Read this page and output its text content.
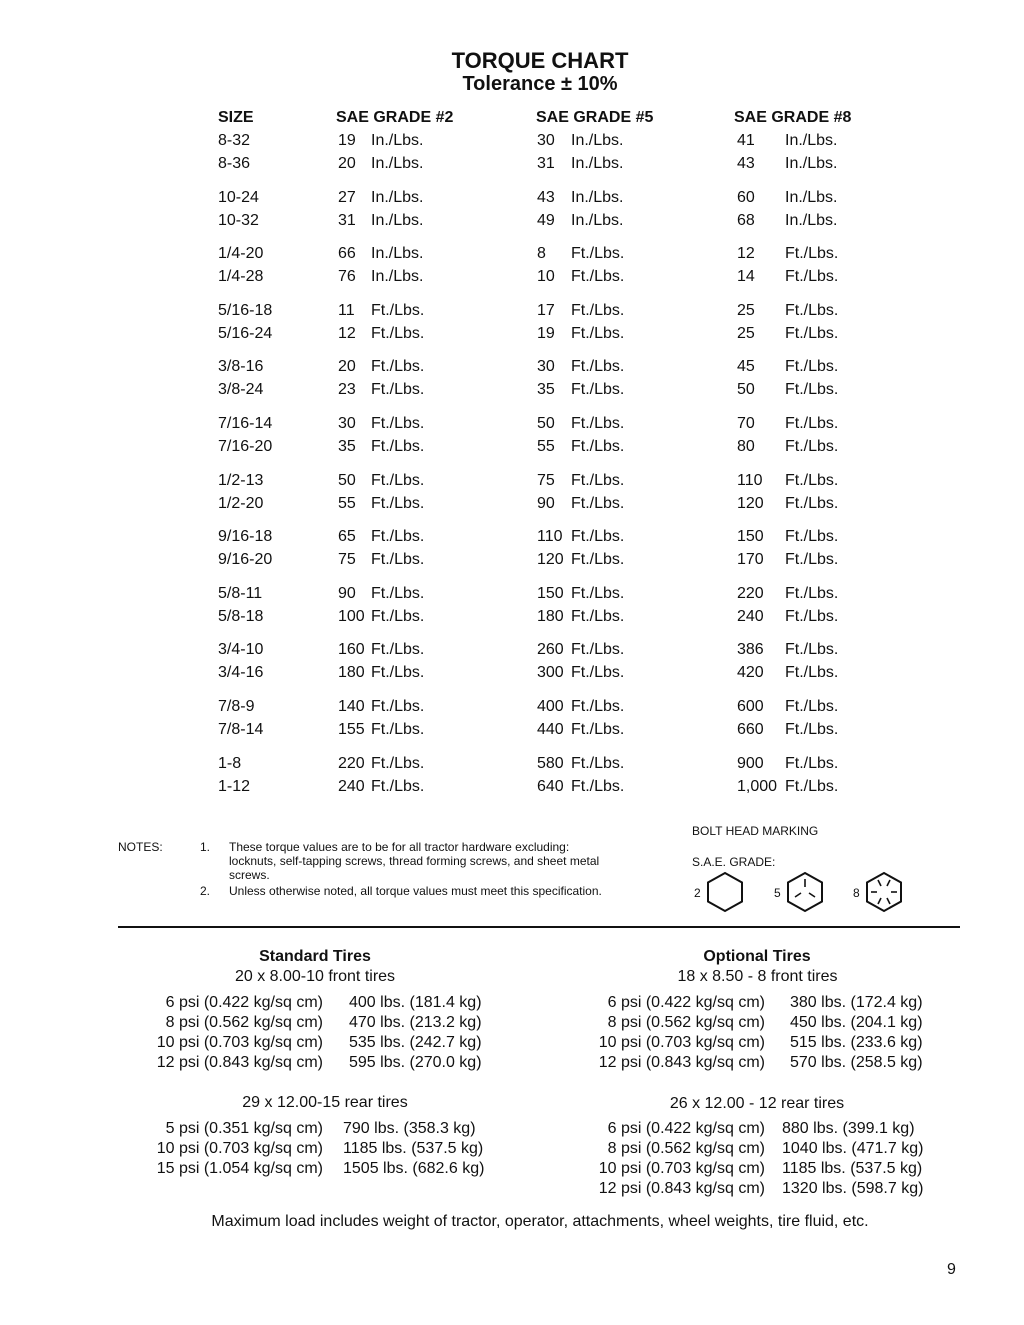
TORQUE CHART
Tolerance ± 10%
SIZE	SAE GRADE #2	SAE GRADE #5	SAE GRADE #8
8-32	19 In./Lbs.	30 In./Lbs.	41 In./Lbs.
8-36	20 In./Lbs.	31 In./Lbs.	43 In./Lbs.
10-24	27 In./Lbs.	43 In./Lbs.	60 In./Lbs.
10-32	31 In./Lbs.	49 In./Lbs.	68 In./Lbs.
1/4-20	66 In./Lbs.	8 Ft./Lbs.	12 Ft./Lbs.
1/4-28	76 In./Lbs.	10 Ft./Lbs.	14 Ft./Lbs.
5/16-18	11 Ft./Lbs.	17 Ft./Lbs.	25 Ft./Lbs.
5/16-24	12 Ft./Lbs.	19 Ft./Lbs.	25 Ft./Lbs.
3/8-16	20 Ft./Lbs.	30 Ft./Lbs.	45 Ft./Lbs.
3/8-24	23 Ft./Lbs.	35 Ft./Lbs.	50 Ft./Lbs.
7/16-14	30 Ft./Lbs.	50 Ft./Lbs.	70 Ft./Lbs.
7/16-20	35 Ft./Lbs.	55 Ft./Lbs.	80 Ft./Lbs.
1/2-13	50 Ft./Lbs.	75 Ft./Lbs.	110 Ft./Lbs.
1/2-20	55 Ft./Lbs.	90 Ft./Lbs.	120 Ft./Lbs.
9/16-18	65 Ft./Lbs.	110 Ft./Lbs.	150 Ft./Lbs.
9/16-20	75 Ft./Lbs.	120 Ft./Lbs.	170 Ft./Lbs.
5/8-11	90 Ft./Lbs.	150 Ft./Lbs.	220 Ft./Lbs.
5/8-18	100 Ft./Lbs.	180 Ft./Lbs.	240 Ft./Lbs.
3/4-10	160 Ft./Lbs.	260 Ft./Lbs.	386 Ft./Lbs.
3/4-16	180 Ft./Lbs.	300 Ft./Lbs.	420 Ft./Lbs.
7/8-9	140 Ft./Lbs.	400 Ft./Lbs.	600 Ft./Lbs.
7/8-14	155 Ft./Lbs.	440 Ft./Lbs.	660 Ft./Lbs.
1-8	220 Ft./Lbs.	580 Ft./Lbs.	900 Ft./Lbs.
1-12	240 Ft./Lbs.	640 Ft./Lbs.	1,000 Ft./Lbs.
NOTES:	1. These torque values are to be for all tractor hardware excluding:
locknuts, self-tapping screws, thread forming screws, and sheet metal
screws.
2. Unless otherwise noted, all torque values must meet this specification.
BOLT HEAD MARKING
S.A.E. GRADE:
2	5	8
Standard Tires
20 x 8.00-10 front tires
6 psi (0.422 kg/sq cm) 400 lbs. (181.4 kg)
8 psi (0.562 kg/sq cm) 470 lbs. (213.2 kg)
10 psi (0.703 kg/sq cm) 535 lbs. (242.7 kg)
12 psi (0.843 kg/sq cm) 595 lbs. (270.0 kg)
29 x 12.00-15 rear tires
5 psi (0.351 kg/sq cm) 790 lbs. (358.3 kg)
10 psi (0.703 kg/sq cm) 1185 lbs. (537.5 kg)
15 psi (1.054 kg/sq cm) 1505 lbs. (682.6 kg)
Optional Tires
18 x 8.50 - 8 front tires
6 psi (0.422 kg/sq cm) 380 lbs. (172.4 kg)
8 psi (0.562 kg/sq cm) 450 lbs. (204.1 kg)
10 psi (0.703 kg/sq cm) 515 lbs. (233.6 kg)
12 psi (0.843 kg/sq cm) 570 lbs. (258.5 kg)
26 x 12.00 - 12 rear tires
6 psi (0.422 kg/sq cm) 880 lbs. (399.1 kg)
8 psi (0.562 kg/sq cm) 1040 lbs. (471.7 kg)
10 psi (0.703 kg/sq cm) 1185 lbs. (537.5 kg)
12 psi (0.843 kg/sq cm) 1320 lbs. (598.7 kg)
Maximum load includes weight of tractor, operator, attachments, wheel weights, tire fluid, etc.
9
